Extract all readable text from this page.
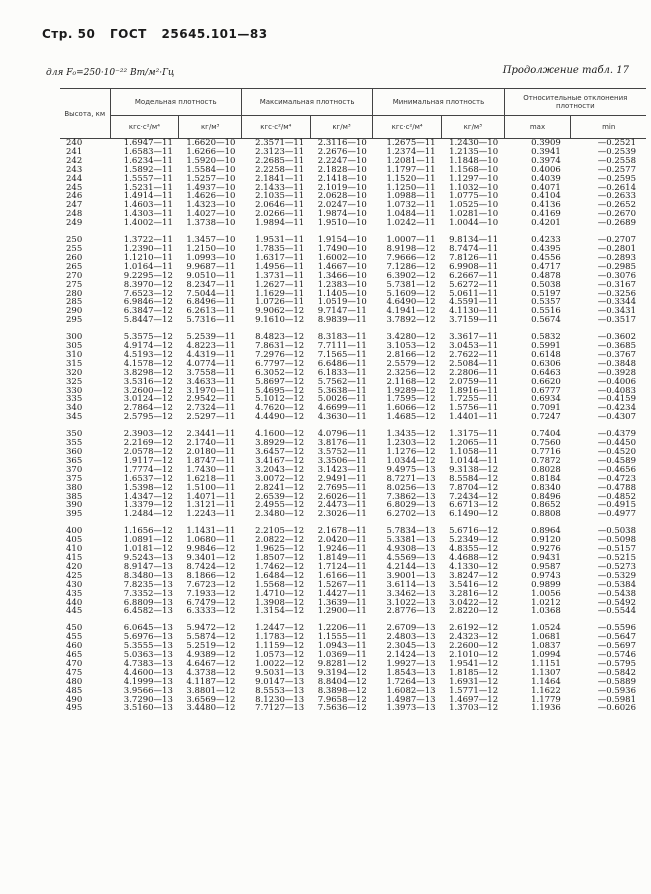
Стр. 50 ГОСТ 25645.101—83
для F₀=250·10⁻²² Вт/м²·Гц	Продолжение табл. 17
Высота, км	Модельная плотность		Максимальная плотность		Минимальная плотность		Относительные отклонения плотности	
	кгс·с²/м⁴	кг/м³	кгс·с²/м⁴	кг/м³	кгс·с²/м⁴	кг/м³	max	min
240	1.6947—11	1.6620—10	2.3571—11	2.3116—10	1.2675—11	1.2430—10	0.3909	—0.2521
241	1.6583—11	1.6266—10	2.3123—11	2.2676—10	1.2374—11	1.2135—10	0.3941	—0.2539
242	1.6234—11	1.5920—10	2.2685—11	2.2247—10	1.2081—11	1.1848—10	0.3974	—0.2558
243	1.5892—11	1.5584—10	2.2258—11	2.1828—10	1.1797—11	1.1568—10	0.4006	—0.2577
244	1.5557—11	1.5257—10	2.1841—11	2.1418—10	1.1520—11	1.1297—10	0.4039	—0.2595
245	1.5231—11	1.4937—10	2.1433—11	2.1019—10	1.1250—11	1.1032—10	0.4071	—0.2614
246	1.4914—11	1.4626—10	2.1035—11	2.0628—10	1.0988—11	1.0775—10	0.4104	—0.2633
247	1.4603—11	1.4323—10	2.0646—11	2.0247—10	1.0732—11	1.0525—10	0.4136	—0.2652
248	1.4303—11	1.4027—10	2.0266—11	1.9874—10	1.0484—11	1.0281—10	0.4169	—0.2670
249	1.4002—11	1.3738—10	1.9894—11	1.9510—10	1.0242—11	1.0044—10	0.4201	—0.2689

250	1.3722—11	1.3457—10	1.9531—11	1.9154—10	1.0007—11	9.8134—11	0.4233	—0.2707
255	1.2390—11	1.2150—10	1.7835—11	1.7490—10	8.9198—12	8.7474—11	0.4395	—0.2801
260	1.1210—11	1.0993—10	1.6317—11	1.6002—10	7.9666—12	7.8126—11	0.4556	—0.2893
265	1.0164—11	9.9687—11	1.4956—11	1.4667—10	7.1286—12	6.9908—11	0.4717	—0.2985
270	9.2295—12	9.0510—11	1.3731—11	1.3466—10	6.3902—12	6.2667—11	0.4878	—0.3076
275	8.3970—12	8.2347—11	1.2627—11	1.2383—10	5.7381—12	5.6272—11	0.5038	—0.3167
280	7.6523—12	7.5044—11	1.1629—11	1.1405—10	5.1609—12	5.0611—11	0.5197	—0.3256
285	6.9846—12	6.8496—11	1.0726—11	1.0519—10	4.6490—12	4.5591—11	0.5357	—0.3344
290	6.3847—12	6.2613—11	9.9062—12	9.7147—11	4.1941—12	4.1130—11	0.5516	—0.3431
295	5.8447—12	5.7316—11	9.1610—12	8.9839—11	3.7892—12	3.7159—11	0.5674	—0.3517

300	5.3575—12	5.2539—11	8.4823—12	8.3183—11	3.4280—12	3.3617—11	0.5832	—0.3602
305	4.9174—12	4.8223—11	7.8631—12	7.7111—11	3.1053—12	3.0453—11	0.5991	—0.3685
310	4.5193—12	4.4319—11	7.2976—12	7.1565—11	2.8166—12	2.7622—11	0.6148	—0.3767
315	4.1578—12	4.0774—11	6.7797—12	6.6486—11	2.5579—12	2.5084—11	0.6306	—0.3848
320	3.8298—12	3.7558—11	6.3052—12	6.1833—11	2.3256—12	2.2806—11	0.6463	—0.3928
325	3.5316—12	3.4633—11	5.8697—12	5.7562—11	2.1168—12	2.0759—11	0.6620	—0.4006
330	3.2600—12	3.1970—11	5.4695—12	5.3638—11	1.9289—12	1.8916—11	0.6777	—0.4083
335	3.0124—12	2.9542—11	5.1012—12	5.0026—11	1.7595—12	1.7255—11	0.6934	—0.4159
340	2.7864—12	2.7324—11	4.7620—12	4.6699—11	1.6066—12	1.5756—11	0.7091	—0.4234
345	2.5795—12	2.5297—11	4.4490—12	4.3630—11	1.4685—12	1.4401—11	0.7247	—0.4307

350	2.3903—12	2.3441—11	4.1600—12	4.0796—11	1.3435—12	1.3175—11	0.7404	—0.4379
355	2.2169—12	2.1740—11	3.8929—12	3.8176—11	1.2303—12	1.2065—11	0.7560	—0.4450
360	2.0578—12	2.0180—11	3.6457—12	3.5752—11	1.1276—12	1.1058—11	0.7716	—0.4520
365	1.9117—12	1.8747—11	3.4167—12	3.3506—11	1.0344—12	1.0144—11	0.7872	—0.4589
370	1.7774—12	1.7430—11	3.2043—12	3.1423—11	9.4975—13	9.3138—12	0.8028	—0.4656
375	1.6537—12	1.6218—11	3.0072—12	2.9491—11	8.7271—13	8.5584—12	0.8184	—0.4723
380	1.5398—12	1.5100—11	2.8241—12	2.7695—11	8.0256—13	7.8704—12	0.8340	—0.4788
385	1.4347—12	1.4071—11	2.6539—12	2.6026—11	7.3862—13	7.2434—12	0.8496	—0.4852
390	1.3379—12	1.3121—11	2.4955—12	2.4473—11	6.8029—13	6.6713—12	0.8652	—0.4915
395	1.2484—12	1.2243—11	2.3480—12	2.3026—11	6.2702—13	6.1490—12	0.8808	—0.4977

400	1.1656—12	1.1431—11	2.2105—12	2.1678—11	5.7834—13	5.6716—12	0.8964	—0.5038
405	1.0891—12	1.0680—11	2.0822—12	2.0420—11	5.3381—13	5.2349—12	0.9120	—0.5098
410	1.0181—12	9.9846—12	1.9625—12	1.9246—11	4.9308—13	4.8355—12	0.9276	—0.5157
415	9.5243—13	9.3401—12	1.8507—12	1.8149—11	4.5569—13	4.4688—12	0.9431	—0.5215
420	8.9147—13	8.7424—12	1.7462—12	1.7124—11	4.2144—13	4.1330—12	0.9587	—0.5273
425	8.3480—13	8.1866—12	1.6484—12	1.6166—11	3.9001—13	3.8247—12	0.9743	—0.5329
430	7.8235—13	7.6723—12	1.5568—12	1.5267—11	3.6114—13	3.5416—12	0.9899	—0.5384
435	7.3352—13	7.1933—12	1.4710—12	1.4427—11	3.3462—13	3.2816—12	1.0056	—0.5438
440	6.8809—13	6.7479—12	1.3908—12	1.3639—11	3.1022—13	3.0422—12	1.0212	—0.5492
445	6.4582—13	6.3333—12	1.3154—12	1.2900—11	2.8776—13	2.8220—12	1.0368	—0.5544

450	6.0645—13	5.9472—12	1.2447—12	1.2206—11	2.6709—13	2.6192—12	1.0524	—0.5596
455	5.6976—13	5.5874—12	1.1783—12	1.1555—11	2.4803—13	2.4323—12	1.0681	—0.5647
460	5.3555—13	5.2519—12	1.1159—12	1.0943—11	2.3045—13	2.2600—12	1.0837	—0.5697
465	5.0363—13	4.9389—12	1.0573—12	1.0369—11	2.1424—13	2.1010—12	1.0994	—0.5746
470	4.7383—13	4.6467—12	1.0022—12	9.8281—12	1.9927—13	1.9541—12	1.1151	—0.5795
475	4.4600—13	4.3738—12	9.5031—13	9.3194—12	1.8543—13	1.8185—12	1.1307	—0.5842
480	4.1999—13	4.1187—12	9.0147—13	8.8404—12	1.7264—13	1.6931—12	1.1464	—0.5889
485	3.9566—13	3.8801—12	8.5553—13	8.3898—12	1.6082—13	1.5771—12	1.1622	—0.5936
490	3.7290—13	3.6569—12	8.1230—13	7.9658—12	1.4987—13	1.4697—12	1.1779	—0.5981
495	3.5160—13	3.4480—12	7.7127—13	7.5636—12	1.3973—13	1.3703—12	1.1936	—0.6026
